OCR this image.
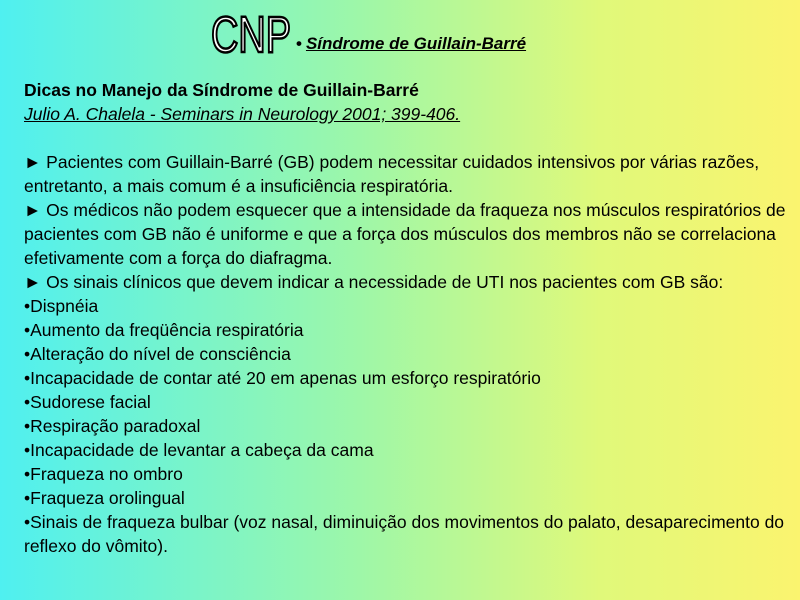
CNP • Síndrome de Guillain-Barré

Dicas no Manejo da Síndrome de Guillain-Barré

Julio A. Chalela - Seminars in Neurology 2001; 399-406.

► Pacientes com Guillain-Barré (GB) podem necessitar cuidados intensivos por várias razões, entretanto, a mais comum é a insuficiência respiratória.

► Os médicos não podem esquecer que a intensidade da fraqueza nos músculos respiratórios de pacientes com GB não é uniforme e que a força dos músculos dos membros não se correlaciona efetivamente com a força do diafragma.

► Os sinais clínicos que devem indicar a necessidade de UTI nos pacientes com GB são:

•Dispnéia

•Aumento da freqüência respiratória

•Alteração do nível de consciência

•Incapacidade de contar até 20 em apenas um esforço respiratório

•Sudorese facial

•Respiração paradoxal

•Incapacidade de levantar a cabeça da cama

•Fraqueza no ombro

•Fraqueza orolingual

•Sinais de fraqueza bulbar (voz nasal, diminuição dos movimentos do palato, desaparecimento do reflexo do vômito).
